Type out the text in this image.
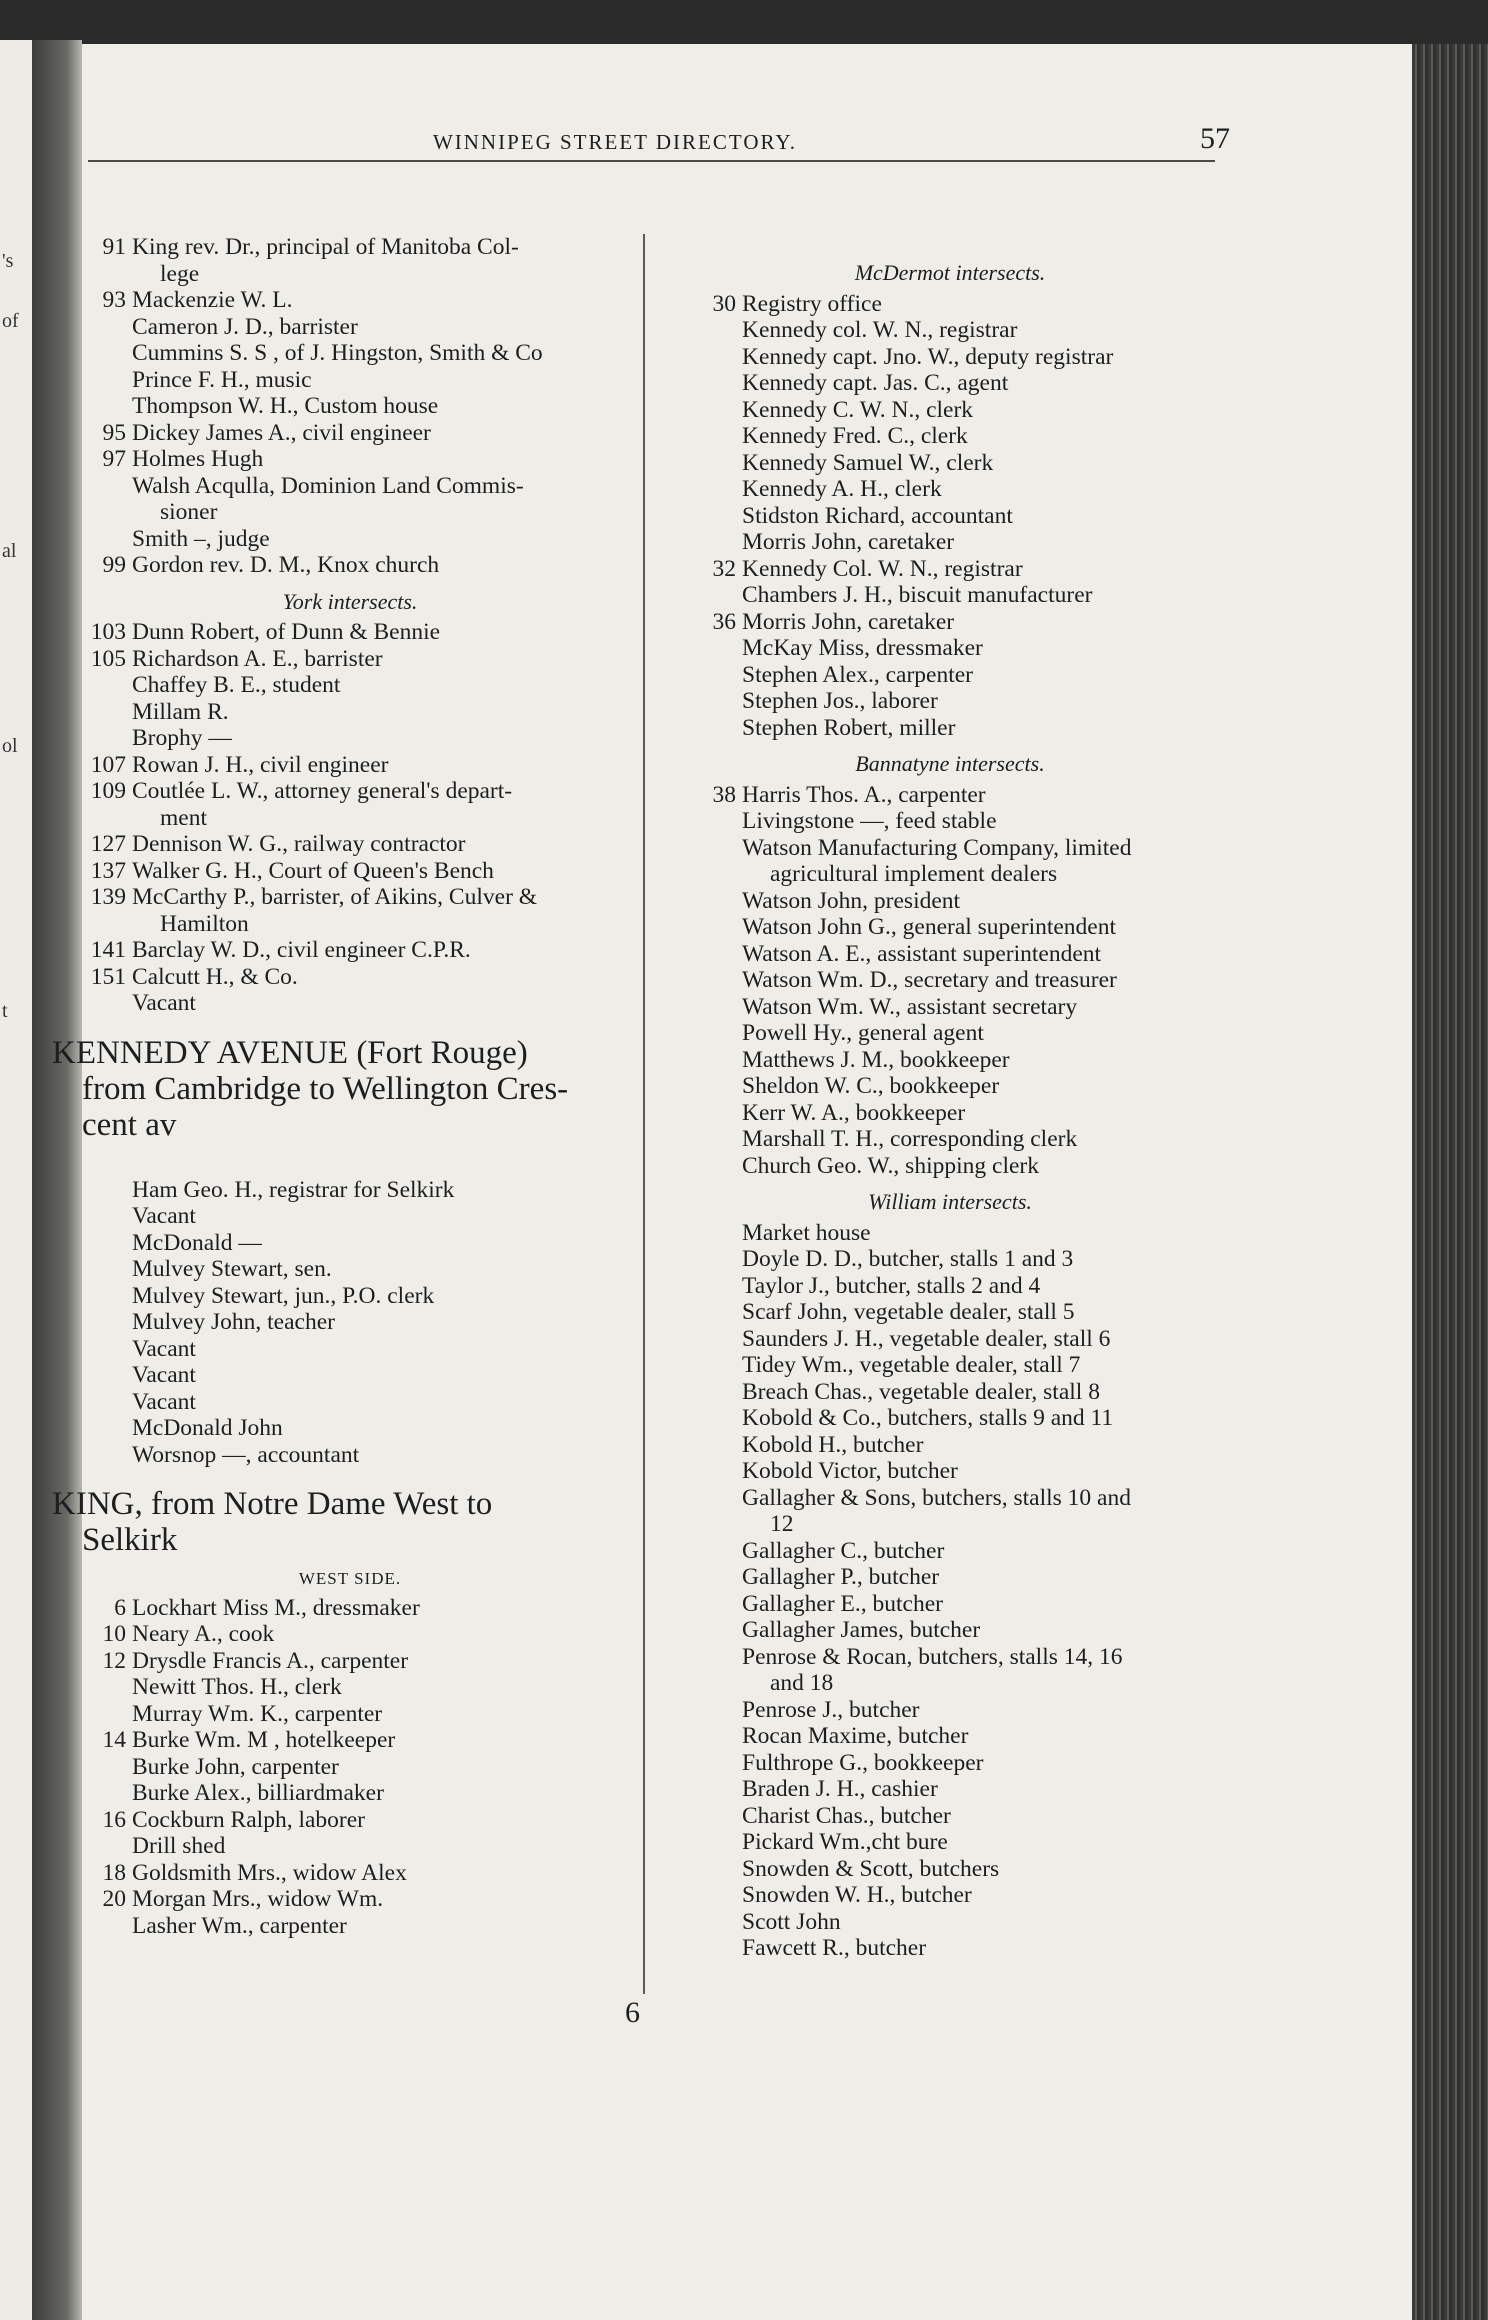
's
of
al
ol
t
WINNIPEG STREET DIRECTORY.	57
91 King rev. Dr., principal of Manitoba Col-
lege
93 Mackenzie W. L.
Cameron J. D., barrister
Cummins S. S , of J. Hingston, Smith & Co
Prince F. H., music
Thompson W. H., Custom house
95 Dickey James A., civil engineer
97 Holmes Hugh
Walsh Acqulla, Dominion Land Commis-
sioner
Smith –, judge
99 Gordon rev. D. M., Knox church
York intersects.
103 Dunn Robert, of Dunn & Bennie
105 Richardson A. E., barrister
Chaffey B. E., student
Millam R.
Brophy —
107 Rowan J. H., civil engineer
109 Coutlée L. W., attorney general's depart-
ment
127 Dennison W. G., railway contractor
137 Walker G. H., Court of Queen's Bench
139 McCarthy P., barrister, of Aikins, Culver &
Hamilton
141 Barclay W. D., civil engineer C.P.R.
151 Calcutt H., & Co.
Vacant
KENNEDY AVENUE (Fort Rouge)
from Cambridge to Wellington Cres-
cent av
Ham Geo. H., registrar for Selkirk
Vacant
McDonald —
Mulvey Stewart, sen.
Mulvey Stewart, jun., P.O. clerk
Mulvey John, teacher
Vacant
Vacant
Vacant
McDonald John
Worsnop —, accountant
KING, from Notre Dame West to
Selkirk
WEST SIDE.
6 Lockhart Miss M., dressmaker
10 Neary A., cook
12 Drysdle Francis A., carpenter
Newitt Thos. H., clerk
Murray Wm. K., carpenter
14 Burke Wm. M , hotelkeeper
Burke John, carpenter
Burke Alex., billiardmaker
16 Cockburn Ralph, laborer
Drill shed
18 Goldsmith Mrs., widow Alex
20 Morgan Mrs., widow Wm.
Lasher Wm., carpenter
McDermot intersects.
30 Registry office
Kennedy col. W. N., registrar
Kennedy capt. Jno. W., deputy registrar
Kennedy capt. Jas. C., agent
Kennedy C. W. N., clerk
Kennedy Fred. C., clerk
Kennedy Samuel W., clerk
Kennedy A. H., clerk
Stidston Richard, accountant
Morris John, caretaker
32 Kennedy Col. W. N., registrar
Chambers J. H., biscuit manufacturer
36 Morris John, caretaker
McKay Miss, dressmaker
Stephen Alex., carpenter
Stephen Jos., laborer
Stephen Robert, miller
Bannatyne intersects.
38 Harris Thos. A., carpenter
Livingstone —, feed stable
Watson Manufacturing Company, limited
agricultural implement dealers
Watson John, president
Watson John G., general superintendent
Watson A. E., assistant superintendent
Watson Wm. D., secretary and treasurer
Watson Wm. W., assistant secretary
Powell Hy., general agent
Matthews J. M., bookkeeper
Sheldon W. C., bookkeeper
Kerr W. A., bookkeeper
Marshall T. H., corresponding clerk
Church Geo. W., shipping clerk
William intersects.
Market house
Doyle D. D., butcher, stalls 1 and 3
Taylor J., butcher, stalls 2 and 4
Scarf John, vegetable dealer, stall 5
Saunders J. H., vegetable dealer, stall 6
Tidey Wm., vegetable dealer, stall 7
Breach Chas., vegetable dealer, stall 8
Kobold & Co., butchers, stalls 9 and 11
Kobold H., butcher
Kobold Victor, butcher
Gallagher & Sons, butchers, stalls 10 and
12
Gallagher C., butcher
Gallagher P., butcher
Gallagher E., butcher
Gallagher James, butcher
Penrose & Rocan, butchers, stalls 14, 16
and 18
Penrose J., butcher
Rocan Maxime, butcher
Fulthrope G., bookkeeper
Braden J. H., cashier
Charist Chas., butcher
Pickard Wm.,cht bure
Snowden & Scott, butchers
Snowden W. H., butcher
Scott John
Fawcett R., butcher
6
